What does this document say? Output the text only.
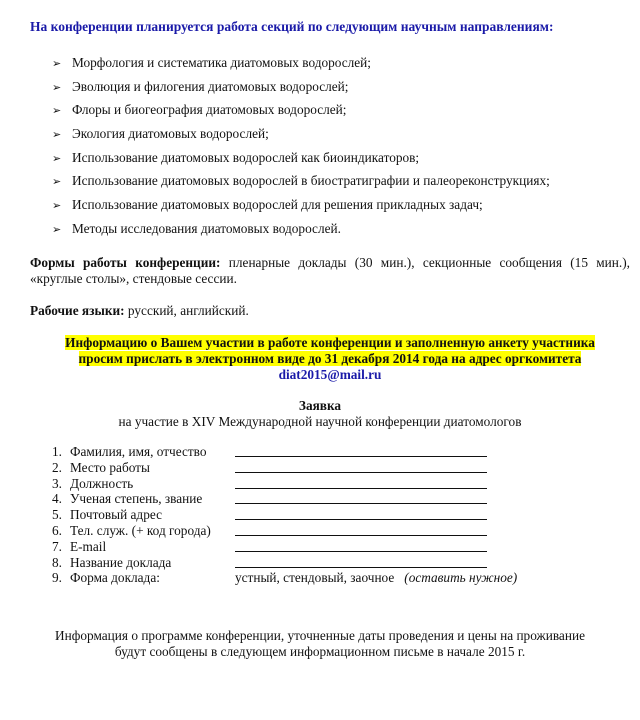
На конференции планируется работа секций по следующим научным направлениям:
➢ Морфология и систематика диатомовых водорослей;
➢ Эволюция и филогения диатомовых водорослей;
➢ Флоры и биогеография диатомовых водорослей;
➢ Экология диатомовых водорослей;
➢ Использование диатомовых водорослей как биоиндикаторов;
➢ Использование диатомовых водорослей в биостратиграфии и палеореконструкциях;
➢ Использование диатомовых водорослей для решения прикладных задач;
➢ Методы исследования диатомовых водорослей.
Формы работы конференции: пленарные доклады (30 мин.), секционные сообщения (15 мин.), «круглые столы», стендовые сессии.
Рабочие языки: русский, английский.
Информацию о Вашем участии в работе конференции и заполненную анкету участника
просим прислать в электронном виде до 31 декабря 2014 года на адрес оргкомитета
diat2015@mail.ru
Заявка
на участие в XIV Международной научной конференции диатомологов
1. Фамилия, имя, отчество
2. Место работы
3. Должность
4. Ученая степень, звание
5. Почтовый адрес
6. Тел. служ. (+ код города)
7. E-mail
8. Название доклада
9. Форма доклада:	устный, стендовый, заочное (оставить нужное)
Информация о программе конференции, уточненные даты проведения и цены на проживание
будут сообщены в следующем информационном письме в начале 2015 г.
